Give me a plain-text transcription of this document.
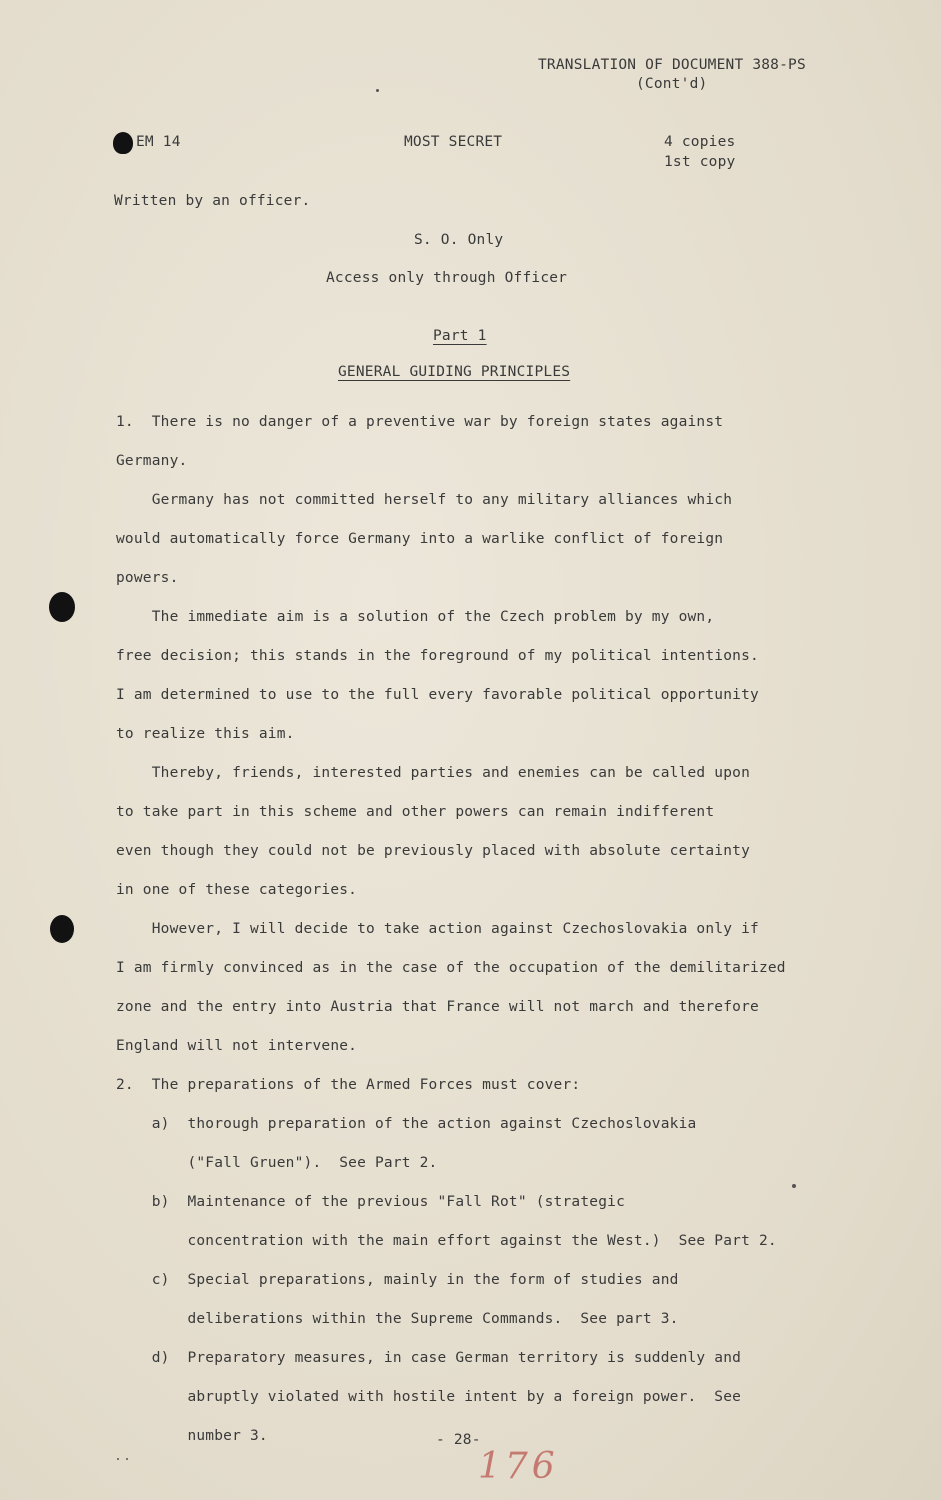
TRANSLATION OF DOCUMENT 388-PS
(Cont'd)
EM 14	MOST SECRET	4 copies
1st copy
Written by an officer.
S. O. Only
Access only through Officer
Part 1
GENERAL GUIDING PRINCIPLES
1.  There is no danger of a preventive war by foreign states against
Germany.
Germany has not committed herself to any military alliances which
would automatically force Germany into a warlike conflict of foreign
powers.
The immediate aim is a solution of the Czech problem by my own,
free decision; this stands in the foreground of my political intentions.
I am determined to use to the full every favorable political opportunity
to realize this aim.
Thereby, friends, interested parties and enemies can be called upon
to take part in this scheme and other powers can remain indifferent
even though they could not be previously placed with absolute certainty
in one of these categories.
However, I will decide to take action against Czechoslovakia only if
I am firmly convinced as in the case of the occupation of the demilitarized
zone and the entry into Austria that France will not march and therefore
England will not intervene.
2.  The preparations of the Armed Forces must cover:
a)  thorough preparation of the action against Czechoslovakia
("Fall Gruen").  See Part 2.
b)  Maintenance of the previous "Fall Rot" (strategic
concentration with the main effort against the West.)  See Part 2.
c)  Special preparations, mainly in the form of studies and
deliberations within the Supreme Commands.  See part 3.
d)  Preparatory measures, in case German territory is suddenly and
abruptly violated with hostile intent by a foreign power.  See
number 3.	- 28-
176
